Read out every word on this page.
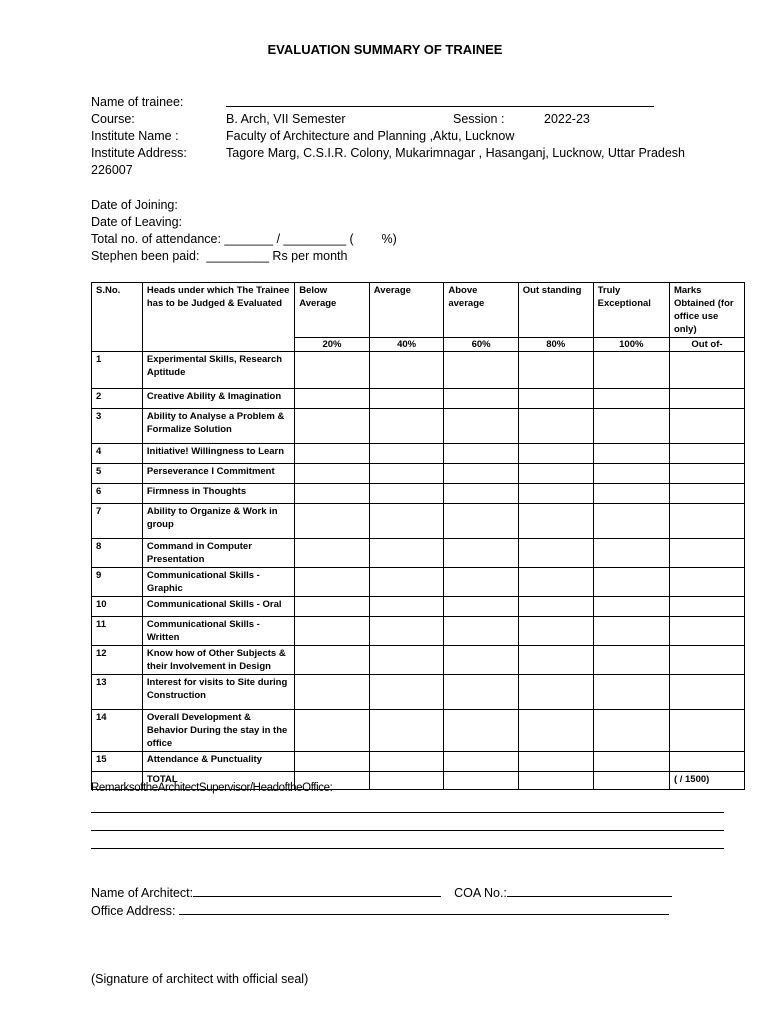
EVALUATION SUMMARY OF TRAINEE
Name of trainee:
Course:	B. Arch, VII Semester	Session :	2022-23
Institute Name :	Faculty of Architecture and Planning ,Aktu, Lucknow
Institute Address:	Tagore Marg, C.S.I.R. Colony, Mukarimnagar , Hasanganj, Lucknow, Uttar Pradesh
226007
Date of Joining:
Date of Leaving:
Total no. of attendance: _______ / _________ (        %)
Stephen been paid:  _________ Rs per month
S.No.	Heads under which The Trainee has to be Judged & Evaluated	Below Average	Average	Above average	Out standing	Truly Exceptional	Marks Obtained (for office use only)
		20%	40%	60%	80%	100%	Out of-
1	Experimental Skills, Research Aptitude						
2	Creative Ability & Imagination						
3	Ability to Analyse a Problem & Formalize Solution						
4	Initiative! Willingness to Learn						
5	Perseverance I Commitment						
6	Firmness in Thoughts						
7	Ability to Organize & Work in group						
8	Command in Computer Presentation						
9	Communicational Skills - Graphic						
10	Communicational Skills - Oral						
11	Communicational Skills - Written						
12	Know how of Other Subjects & their Involvement in Design						
13	Interest for visits to Site during Construction						
14	Overall Development & Behavior During the stay in the office						
15	Attendance & Punctuality						
	TOTAL						( / 1500)
RemarksoftheArchitectSupervisor/HeadoftheOffice:
Name of Architect:	COA No.:
Office Address:
(Signature of architect with official seal)
